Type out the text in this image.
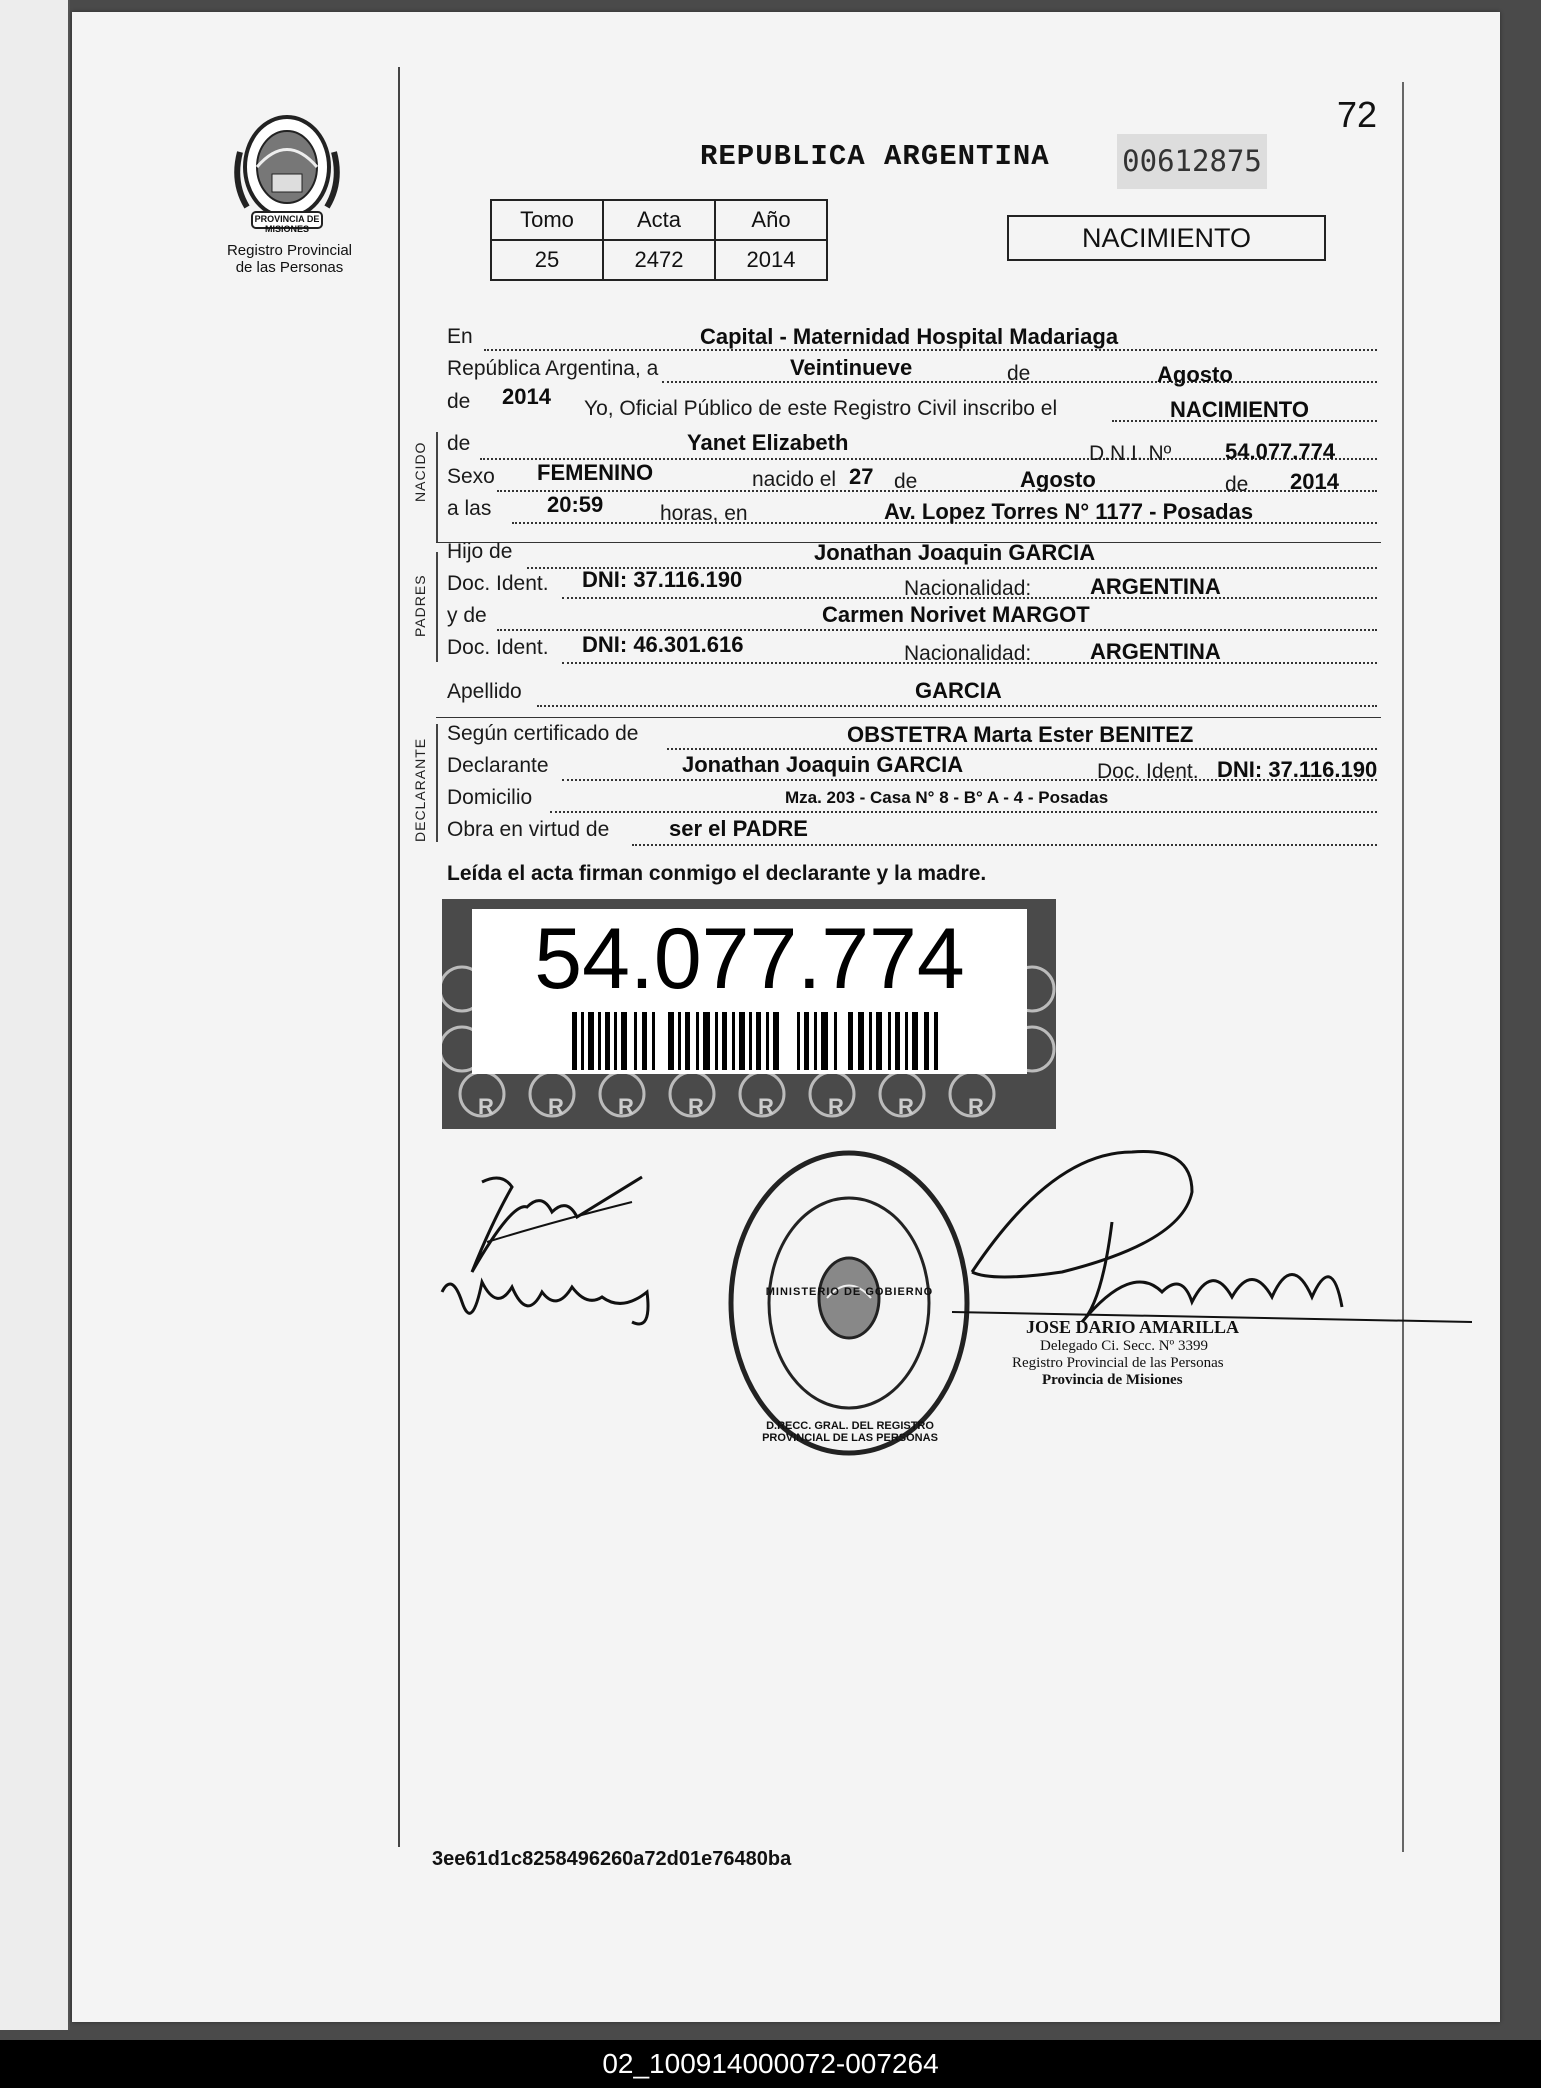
PROVINCIA DE MISIONES
Registro Provincial
de las Personas
72
REPUBLICA ARGENTINA	00612875
Tomo	Acta	Año
25	2472	2014
NACIMIENTO
En	Capital - Maternidad Hospital Madariaga
República Argentina, a	Veintinueve	de	Agosto
de 2014 Yo, Oficial Público de este Registro Civil inscribo el	NACIMIENTO
NACIDO de	Yanet Elizabeth	D.N.I. Nº 54.077.774
Sexo FEMENINO	nacido el 27 de	Agosto	de 2014
a las	20:59	horas, en	Av. Lopez Torres N° 1177 - Posadas
PADRES
Hijo de	Jonathan Joaquin GARCIA
Doc. Ident. DNI: 37.116.190	Nacionalidad:	ARGENTINA
y de	Carmen Norivet MARGOT
Doc. Ident. DNI: 46.301.616	Nacionalidad:	ARGENTINA
Apellido	GARCIA
DECLARANTE
Según certificado de	OBSTETRA Marta Ester BENITEZ
Declarante	Jonathan Joaquin GARCIA	Doc. Ident. DNI: 37.116.190
Domicilio	Mza. 203 - Casa N° 8 - B° A - 4 - Posadas
Obra en virtud de	ser el PADRE
Leída el acta firman conmigo el declarante y la madre.
R R R R R R R R
54.077.774
MINISTERIO DE GOBIERNO
D.RECC. GRAL. DEL REGISTRO PROVINCIAL DE LAS PERSONAS
JOSE DARIO AMARILLA
Delegado Ci. Secc. Nº 3399
Registro Provincial de las Personas
Provincia de Misiones
3ee61d1c8258496260a72d01e76480ba
02_100914000072-007264
